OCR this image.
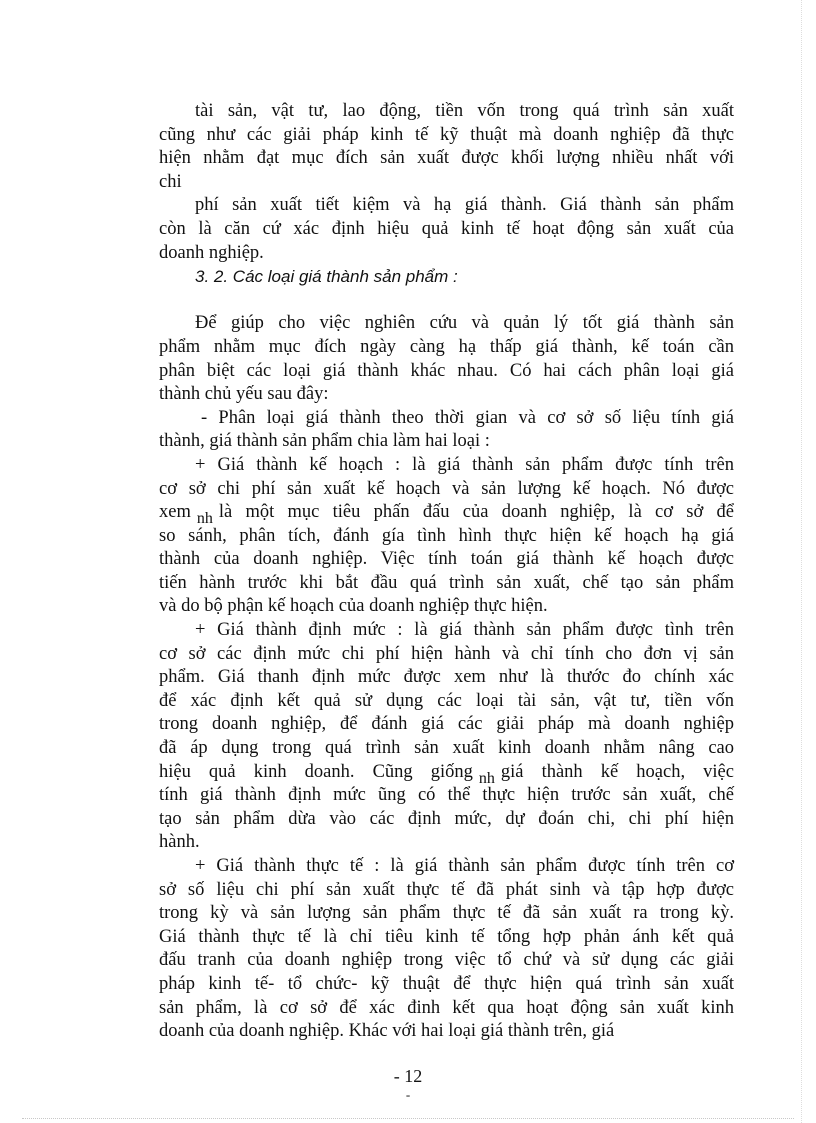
tài sản, vật tư, lao động, tiền vốn trong quá trình sản xuất
cũng như các giải pháp kinh tế kỹ thuật mà doanh nghiệp đã thực
hiện nhằm đạt mục đích sản xuất được khối lượng nhiều nhất với
chi
phí sản xuất tiết kiệm và hạ giá thành. Giá thành sản phẩm
còn là căn cứ xác định hiệu quả kinh tế hoạt động sản xuất của
doanh nghiệp.
3. 2. Các loại giá thành sản phẩm :
Để giúp cho việc nghiên cứu và quản lý tốt giá thành sản
phẩm nhằm mục đích ngày càng hạ thấp giá thành, kế toán cần
phân biệt các loại giá thành khác nhau. Có hai cách phân loại giá
thành chủ yếu sau đây:
- Phân loại giá thành theo thời gian và cơ sở số liệu tính giá
thành, giá thành sản phẩm chia làm hai loại :
+ Giá thành kế hoạch : là giá thành sản phẩm được tính trên
cơ sở chi phí sản xuất kế hoạch và sản lượng kế hoạch. Nó được
xem nh là một mục tiêu phấn đấu của doanh nghiệp, là cơ sở để
so sánh, phân tích, đánh gía tình hình thực hiện kế hoạch hạ giá
thành của doanh nghiệp. Việc tính toán giá thành kế hoạch được
tiến hành trước khi bắt đầu quá trình sản xuất, chế tạo sản phẩm
và do bộ phận kế hoạch của doanh nghiệp thực hiện.
+ Giá thành định mức : là giá thành sản phẩm được tình trên
cơ sở các định mức chi phí hiện hành và chỉ tính cho đơn vị sản
phẩm. Giá thanh định mức được xem như là thước đo chính xác
để xác định kết quả sử dụng các loại tài sản, vật tư, tiền vốn
trong doanh nghiệp, để đánh giá các giải pháp mà doanh nghiệp
đã áp dụng trong quá trình sản xuất kinh doanh nhằm nâng cao
hiệu quả kinh doanh. Cũng giống nh giá thành kế hoạch, việc
tính giá thành định mức ũng có thể thực hiện trước sản xuất, chế
tạo sản phẩm dừa vào các định mức, dự đoán chi, chi phí hiện
hành.
+ Giá thành thực tế : là giá thành sản phẩm được tính trên cơ
sở số liệu chi phí sản xuất thực tế đã phát sinh và tập hợp được
trong kỳ và sản lượng sản phẩm thực tế đã sản xuất ra trong kỳ.
Giá thành thực tế là chỉ tiêu kinh tế tổng hợp phản ánh kết quả
đấu tranh của doanh nghiệp trong việc tổ chứ và sử dụng các giải
pháp kinh tế- tổ chức- kỹ thuật để thực hiện quá trình sản xuất
sản phẩm, là cơ sở để xác đinh kết qua hoạt động sản xuất kinh
doanh của doanh nghiệp. Khác với hai loại giá thành trên, giá
- 12
-
